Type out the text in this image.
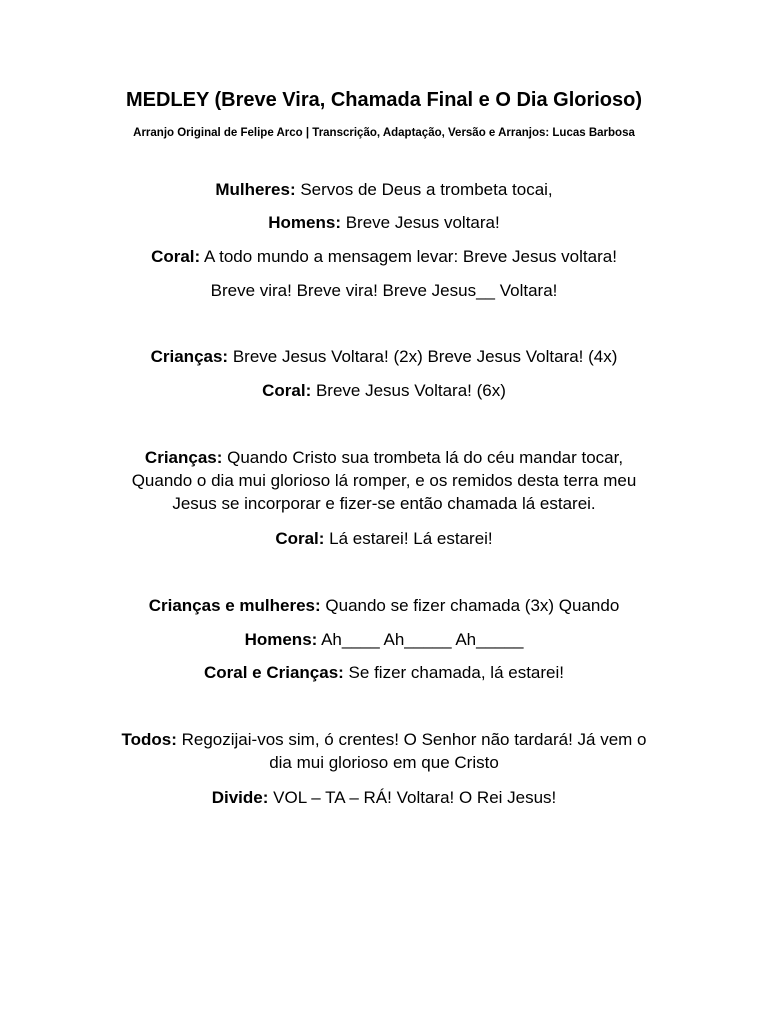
MEDLEY (Breve Vira, Chamada Final e O Dia Glorioso)
Arranjo Original de Felipe Arco | Transcrição, Adaptação, Versão e Arranjos: Lucas Barbosa
Mulheres: Servos de Deus a trombeta tocai,
Homens: Breve Jesus voltara!
Coral: A todo mundo a mensagem levar: Breve Jesus voltara!
Breve vira! Breve vira! Breve Jesus__ Voltara!
Crianças: Breve Jesus Voltara! (2x) Breve Jesus Voltara! (4x)
Coral: Breve Jesus Voltara! (6x)
Crianças: Quando Cristo sua trombeta lá do céu mandar tocar, Quando o dia mui glorioso lá romper, e os remidos desta terra meu Jesus se incorporar e fizer-se então chamada lá estarei.
Coral: Lá estarei! Lá estarei!
Crianças e mulheres: Quando se fizer chamada (3x) Quando
Homens: Ah____ Ah_____ Ah_____
Coral e Crianças: Se fizer chamada, lá estarei!
Todos: Regozijai-vos sim, ó crentes! O Senhor não tardará! Já vem o dia mui glorioso em que Cristo
Divide: VOL – TA – RÁ! Voltara! O Rei Jesus!
